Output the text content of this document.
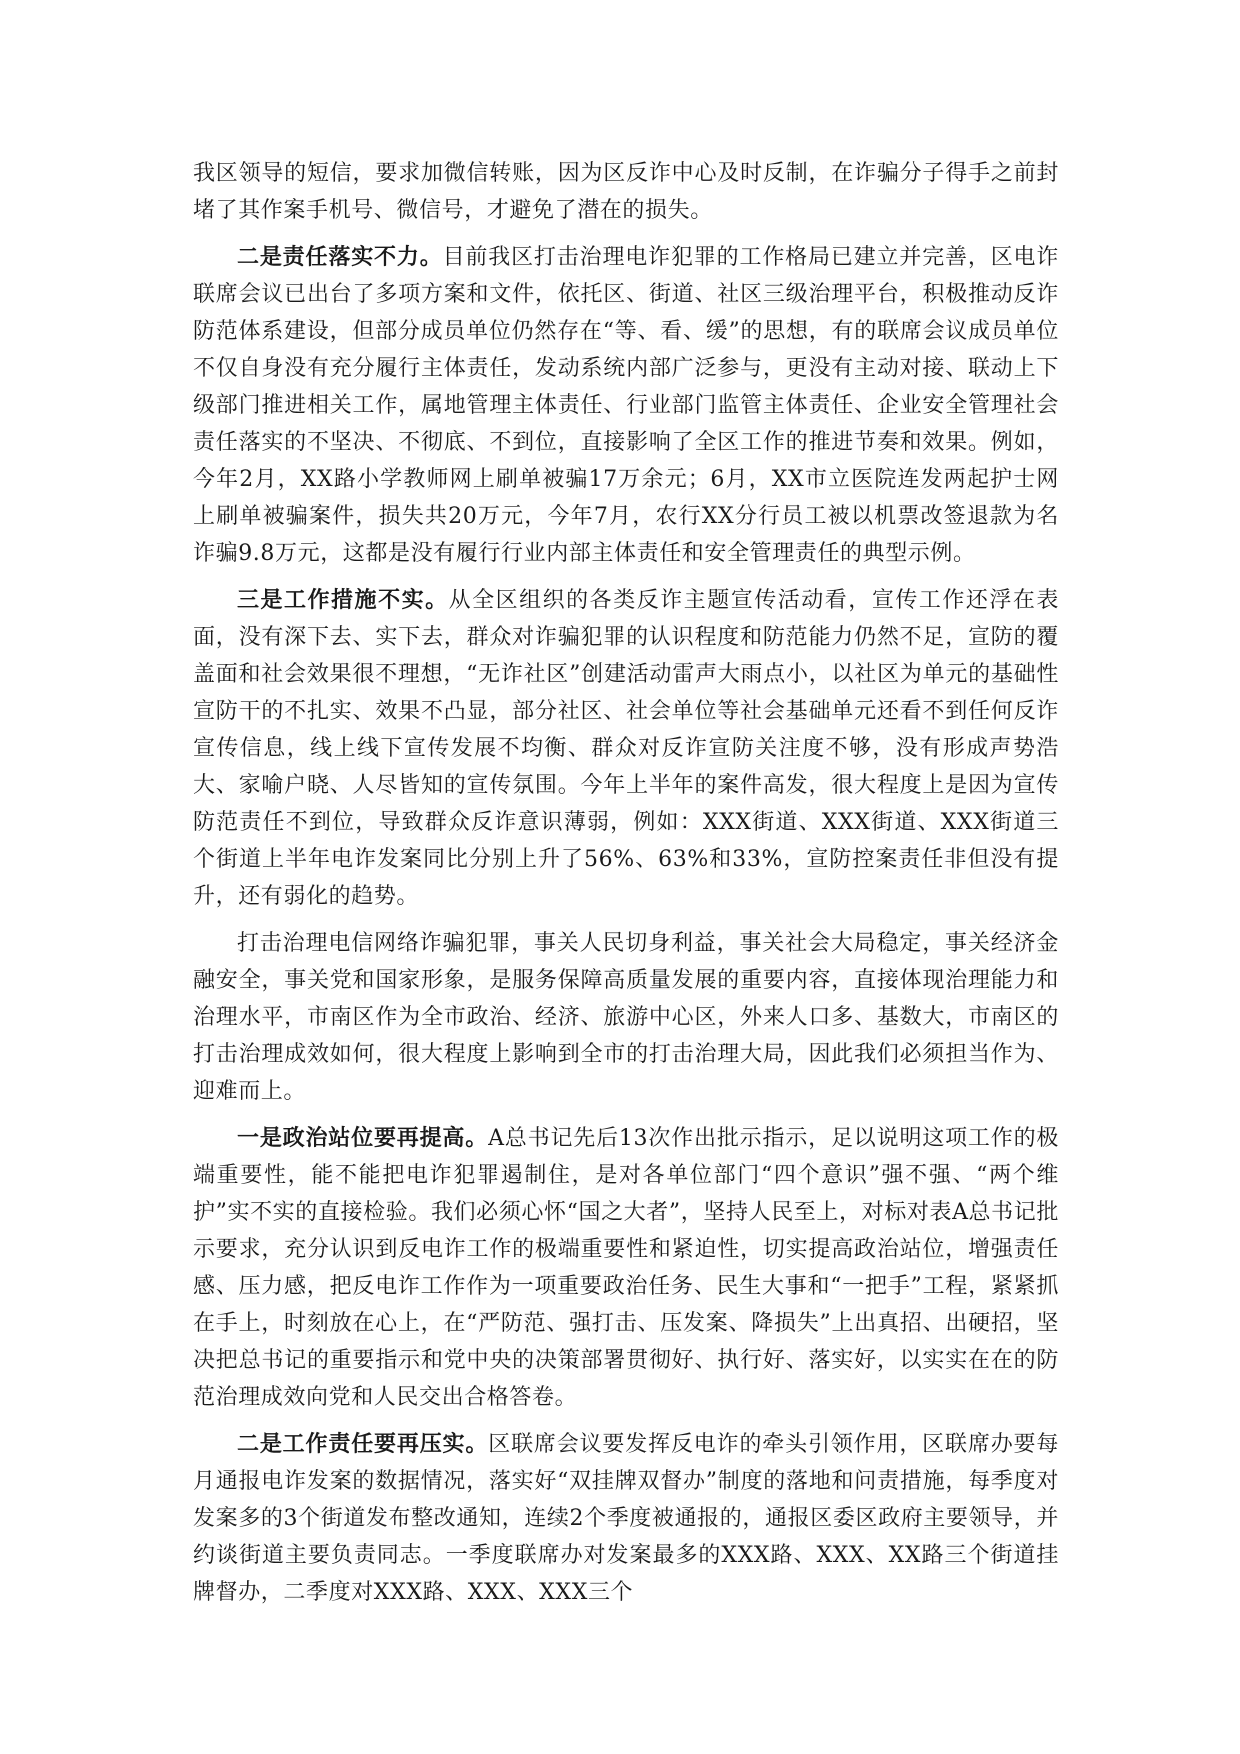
我区领导的短信，要求加微信转账，因为区反诈中心及时反制，在诈骗分子得手之前封堵了其作案手机号、微信号，才避免了潜在的损失。

二是责任落实不力。目前我区打击治理电诈犯罪的工作格局已建立并完善，区电诈联席会议已出台了多项方案和文件，依托区、街道、社区三级治理平台，积极推动反诈防范体系建设，但部分成员单位仍然存在“等、看、缓”的思想，有的联席会议成员单位不仅自身没有充分履行主体责任，发动系统内部广泛参与，更没有主动对接、联动上下级部门推进相关工作，属地管理主体责任、行业部门监管主体责任、企业安全管理社会责任落实的不坚决、不彻底、不到位，直接影响了全区工作的推进节奏和效果。例如，今年2月，XX路小学教师网上刷单被骗17万余元；6月，XX市立医院连发两起护士网上刷单被骗案件，损失共20万元，今年7月，农行XX分行员工被以机票改签退款为名诈骗9.8万元，这都是没有履行行业内部主体责任和安全管理责任的典型示例。

三是工作措施不实。从全区组织的各类反诈主题宣传活动看，宣传工作还浮在表面，没有深下去、实下去，群众对诈骗犯罪的认识程度和防范能力仍然不足，宣防的覆盖面和社会效果很不理想，“无诈社区”创建活动雷声大雨点小，以社区为单元的基础性宣防干的不扎实、效果不凸显，部分社区、社会单位等社会基础单元还看不到任何反诈宣传信息，线上线下宣传发展不均衡、群众对反诈宣防关注度不够，没有形成声势浩大、家喻户晓、人尽皆知的宣传氛围。今年上半年的案件高发，很大程度上是因为宣传防范责任不到位，导致群众反诈意识薄弱，例如：XXX街道、XXX街道、XXX街道三个街道上半年电诈发案同比分别上升了56%、63%和33%，宣防控案责任非但没有提升，还有弱化的趋势。

打击治理电信网络诈骗犯罪，事关人民切身利益，事关社会大局稳定，事关经济金融安全，事关党和国家形象，是服务保障高质量发展的重要内容，直接体现治理能力和治理水平，市南区作为全市政治、经济、旅游中心区，外来人口多、基数大，市南区的打击治理成效如何，很大程度上影响到全市的打击治理大局，因此我们必须担当作为、迎难而上。

一是政治站位要再提高。A总书记先后13次作出批示指示，足以说明这项工作的极端重要性，能不能把电诈犯罪遏制住，是对各单位部门“四个意识”强不强、“两个维护”实不实的直接检验。我们必须心怀“国之大者”，坚持人民至上，对标对表A总书记批示要求，充分认识到反电诈工作的极端重要性和紧迫性，切实提高政治站位，增强责任感、压力感，把反电诈工作作为一项重要政治任务、民生大事和“一把手”工程，紧紧抓在手上，时刻放在心上，在“严防范、强打击、压发案、降损失”上出真招、出硬招，坚决把总书记的重要指示和党中央的决策部署贯彻好、执行好、落实好，以实实在在的防范治理成效向党和人民交出合格答卷。

二是工作责任要再压实。区联席会议要发挥反电诈的牵头引领作用，区联席办要每月通报电诈发案的数据情况，落实好“双挂牌双督办”制度的落地和问责措施，每季度对发案多的3个街道发布整改通知，连续2个季度被通报的，通报区委区政府主要领导，并约谈街道主要负责同志。一季度联席办对发案最多的XXX路、XXX、XX路三个街道挂牌督办，二季度对XXX路、XXX、XXX三个
